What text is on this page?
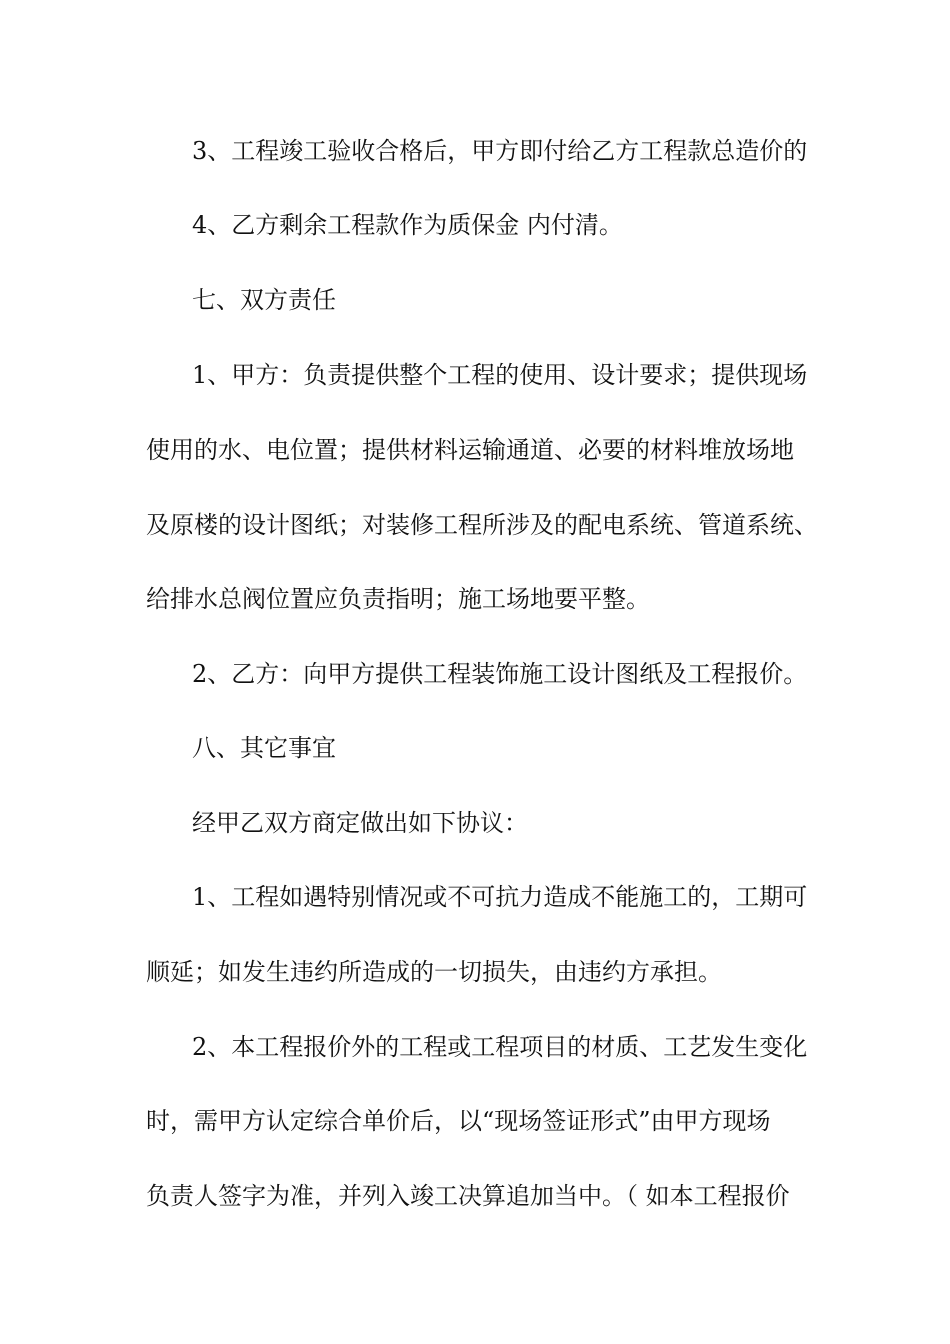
3、工程竣工验收合格后，甲方即付给乙方工程款总造价的
4、乙方剩余工程款作为质保金 内付清。
七、双方责任
1、甲方：负责提供整个工程的使用、设计要求；提供现场
使用的水、电位置；提供材料运输通道、必要的材料堆放场地
及原楼的设计图纸；对装修工程所涉及的配电系统、管道系统、
给排水总阀位置应负责指明；施工场地要平整。
2、乙方：向甲方提供工程装饰施工设计图纸及工程报价。
八、其它事宜
经甲乙双方商定做出如下协议：
1、工程如遇特别情况或不可抗力造成不能施工的，工期可
顺延；如发生违约所造成的一切损失，由违约方承担。
2、本工程报价外的工程或工程项目的材质、工艺发生变化
时，需甲方认定综合单价后，以“现场签证形式”由甲方现场
负责人签字为准，并列入竣工决算追加当中。（ 如本工程报价
